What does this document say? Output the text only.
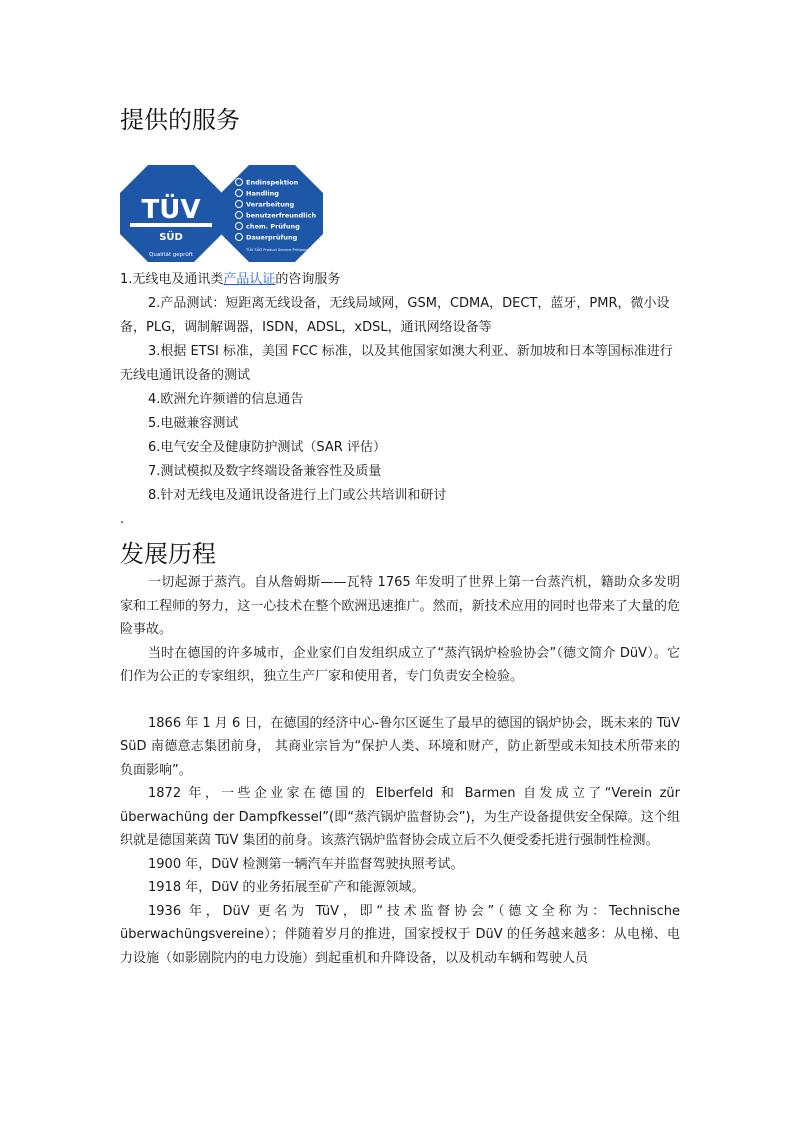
提供的服务
TÜV
SÜD
Qualität geprüft
Endinspektion
Handling
Verarbeitung
benutzerfreundlich
chem. Prüfung
Dauerprüfung
TÜV SÜD Product Service Prüfprogramm

1.无线电及通讯类产品认证的咨询服务

2.产品测试：短距离无线设备，无线局域网，GSM，CDMA，DECT，蓝牙，PMR，微小设备，PLG，调制解调器，ISDN，ADSL，xDSL，通讯网络设备等

3.根据 ETSI 标准，美国 FCC 标准，以及其他国家如澳大利亚、新加坡和日本等国标准进行无线电通讯设备的测试

4.欧洲允许频谱的信息通告

5.电磁兼容测试

6.电气安全及健康防护测试（SAR 评估）

7.测试模拟及数字终端设备兼容性及质量

8.针对无线电及通讯设备进行上门或公共培训和研讨

.

发展历程

一切起源于蒸汽。自从詹姆斯——瓦特 1765 年发明了世界上第一台蒸汽机，籍助众多发明家和工程师的努力，这一心技术在整个欧洲迅速推广。然而，新技术应用的同时也带来了大量的危险事故。

当时在德国的许多城市，企业家们自发组织成立了“蒸汽锅炉检验协会”（德文简介 DüV）。它们作为公正的专家组织，独立生产厂家和使用者，专门负责安全检验。

1866 年 1 月 6 日，在德国的经济中心-鲁尔区诞生了最早的德国的锅炉协会，既未来的 TüV SüD 南德意志集团前身， 其商业宗旨为“保护人类、环境和财产，防止新型或未知技术所带来的负面影响”。

1872 年，一些企业家在德国的 Elberfeld 和 Barmen 自发成立了“Verein zür überwachüng der Dampfkessel”(即“蒸汽锅炉监督协会”)，为生产设备提供安全保障。这个组织就是德国莱茵 TüV 集团的前身。该蒸汽锅炉监督协会成立后不久便受委托进行强制性检测。

1900 年，DüV 检测第一辆汽车并监督驾驶执照考试。

1918 年，DüV 的业务拓展至矿产和能源领域。

1936 年，DüV 更名为 TüV，即“技术监督协会”（德文全称为：Technische überwachüngsvereine）；伴随着岁月的推进，国家授权于 DüV 的任务越来越多：从电梯、电力设施（如影剧院内的电力设施）到起重机和升降设备，以及机动车辆和驾驶人员
